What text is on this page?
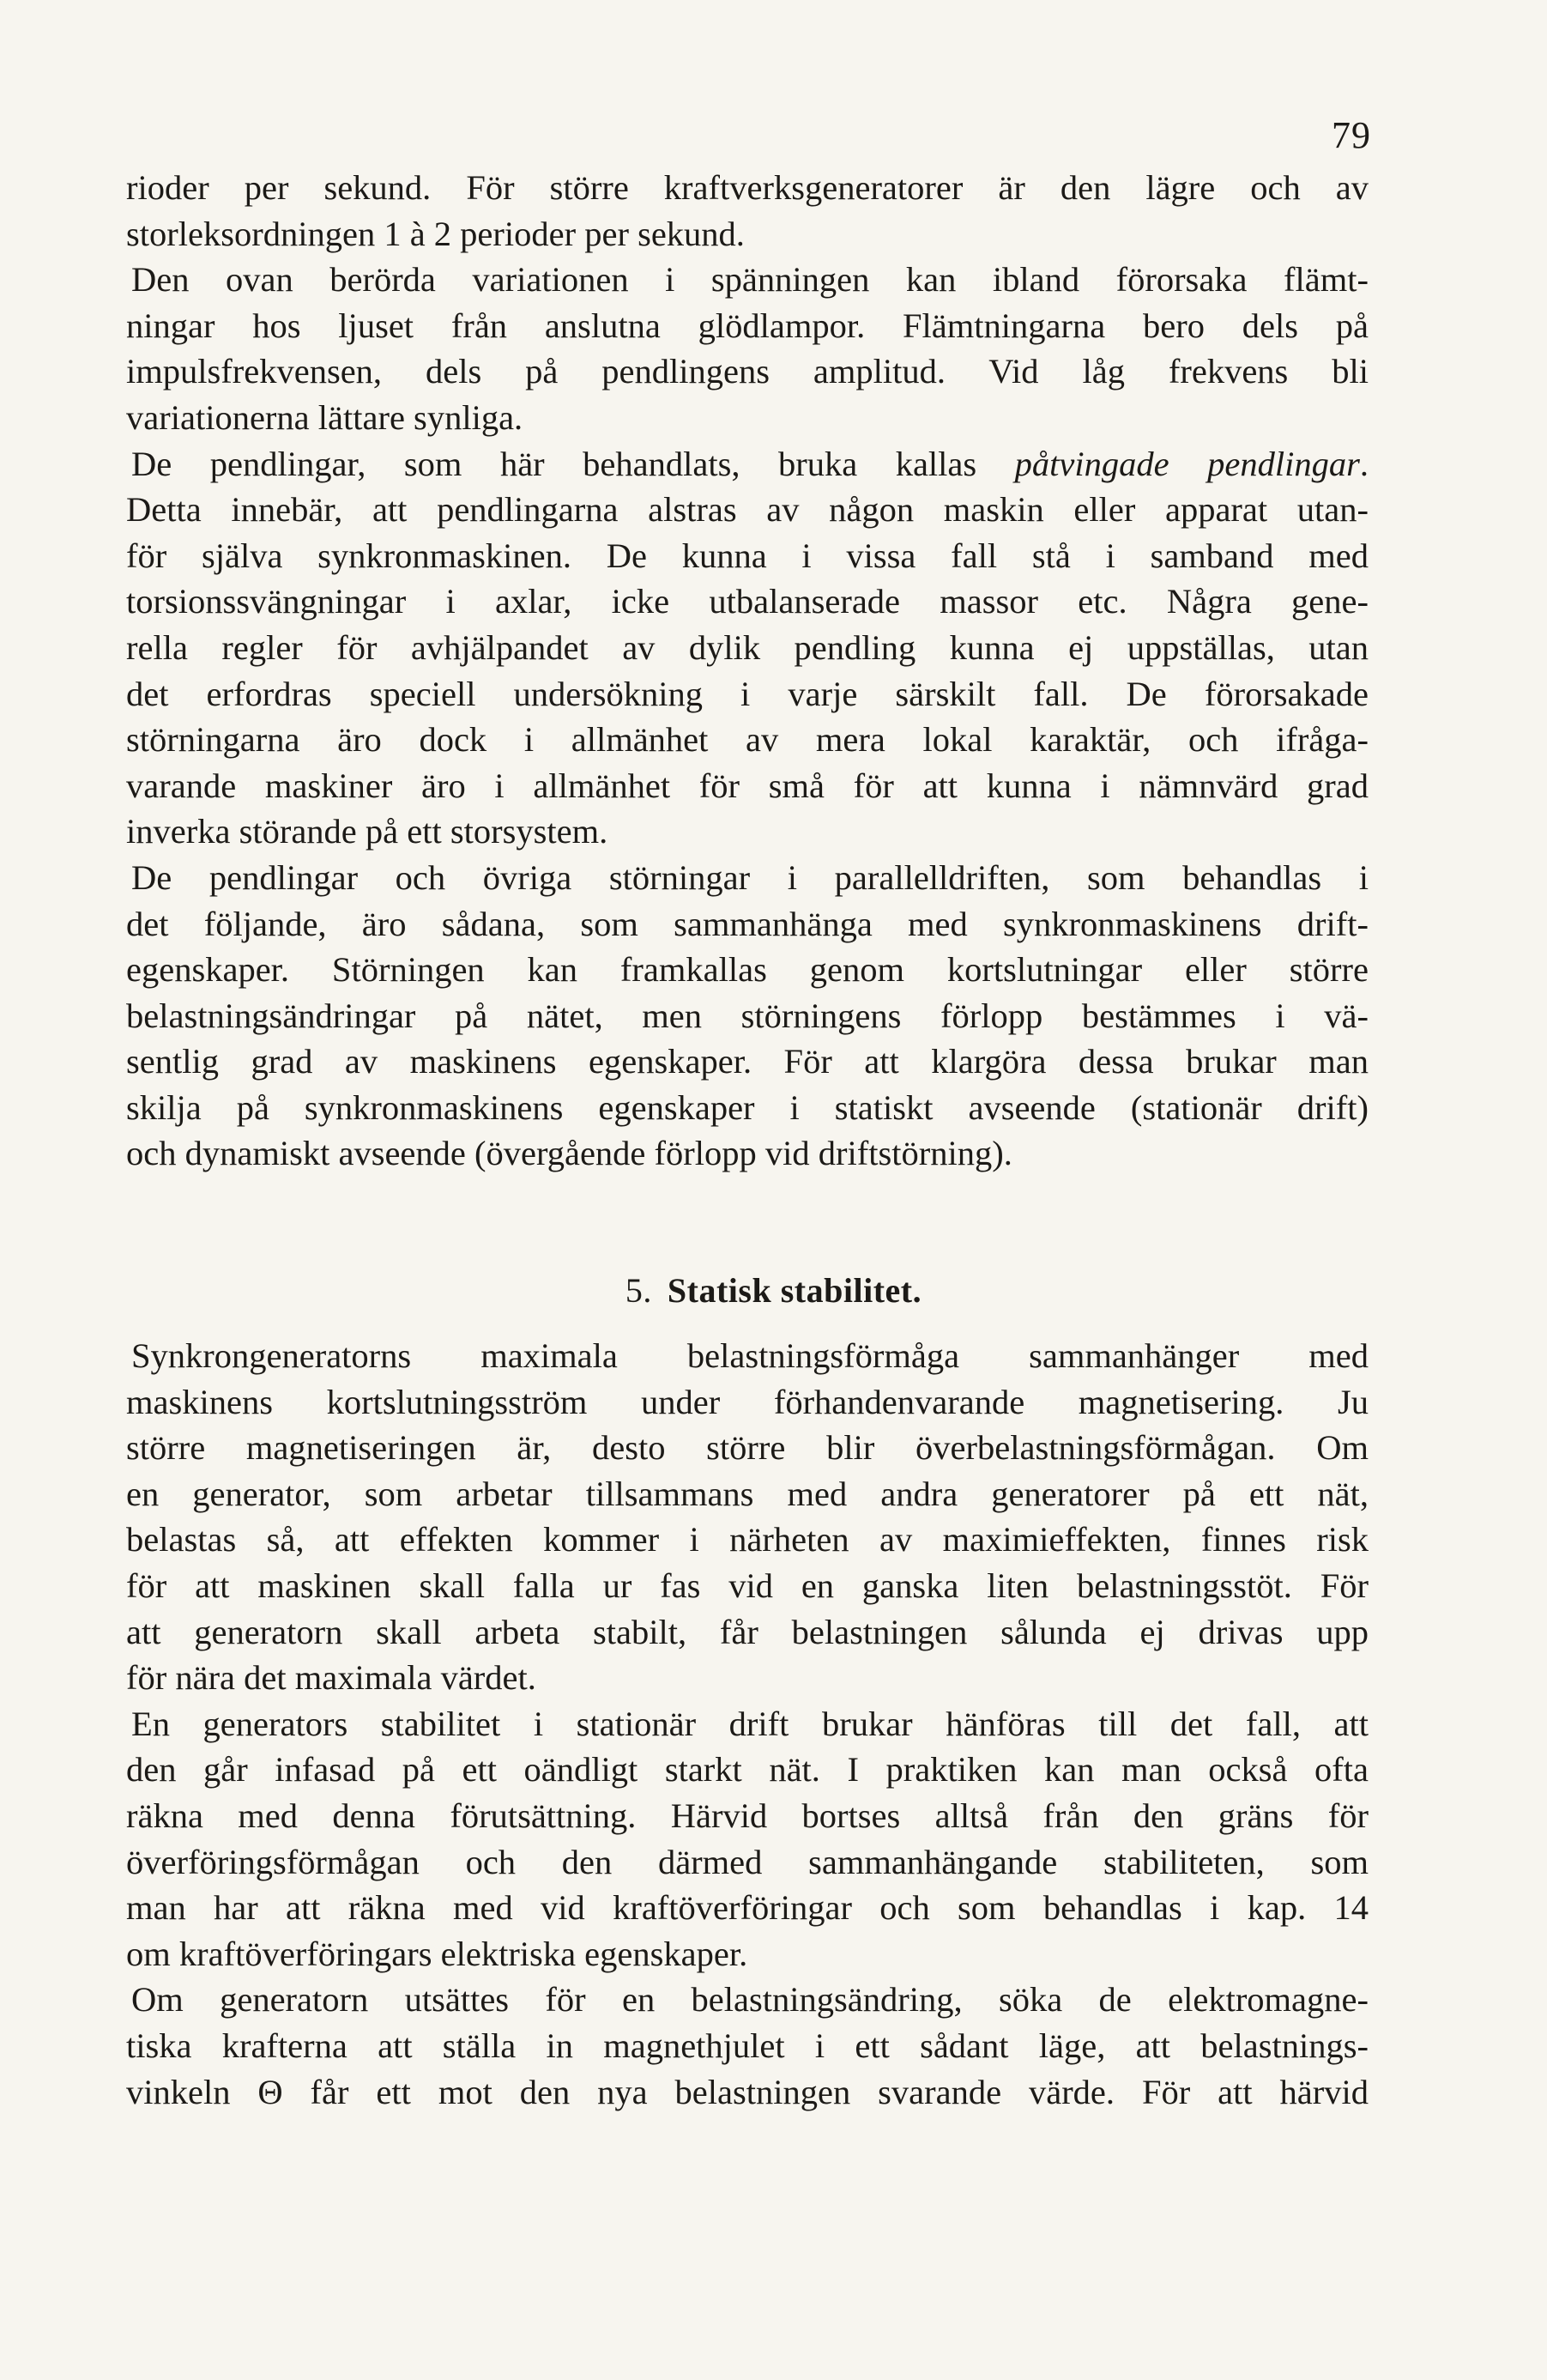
79

rioder per sekund. För större kraftverksgeneratorer är den lägre och av
storleksordningen 1 à 2 perioder per sekund.

Den ovan berörda variationen i spänningen kan ibland förorsaka flämt-
ningar hos ljuset från anslutna glödlampor. Flämtningarna bero dels på
impulsfrekvensen, dels på pendlingens amplitud. Vid låg frekvens bli
variationerna lättare synliga.

De pendlingar, som här behandlats, bruka kallas påtvingade pendlingar.
Detta innebär, att pendlingarna alstras av någon maskin eller apparat utan-
för själva synkronmaskinen. De kunna i vissa fall stå i samband med
torsionssvängningar i axlar, icke utbalanserade massor etc. Några gene-
rella regler för avhjälpandet av dylik pendling kunna ej uppställas, utan
det erfordras speciell undersökning i varje särskilt fall. De förorsakade
störningarna äro dock i allmänhet av mera lokal karaktär, och ifråga-
varande maskiner äro i allmänhet för små för att kunna i nämnvärd grad
inverka störande på ett storsystem.

De pendlingar och övriga störningar i parallelldriften, som behandlas i
det följande, äro sådana, som sammanhänga med synkronmaskinens drift-
egenskaper. Störningen kan framkallas genom kortslutningar eller större
belastningsändringar på nätet, men störningens förlopp bestämmes i vä-
sentlig grad av maskinens egenskaper. För att klargöra dessa brukar man
skilja på synkronmaskinens egenskaper i statiskt avseende (stationär drift)
och dynamiskt avseende (övergående förlopp vid driftstörning).

5. Statisk stabilitet.

Synkrongeneratorns maximala belastningsförmåga sammanhänger med
maskinens kortslutningsström under förhandenvarande magnetisering. Ju
större magnetiseringen är, desto större blir överbelastningsförmågan. Om
en generator, som arbetar tillsammans med andra generatorer på ett nät,
belastas så, att effekten kommer i närheten av maximieffekten, finnes risk
för att maskinen skall falla ur fas vid en ganska liten belastningsstöt. För
att generatorn skall arbeta stabilt, får belastningen sålunda ej drivas upp
för nära det maximala värdet.

En generators stabilitet i stationär drift brukar hänföras till det fall, att
den går infasad på ett oändligt starkt nät. I praktiken kan man också ofta
räkna med denna förutsättning. Härvid bortses alltså från den gräns för
överföringsförmågan och den därmed sammanhängande stabiliteten, som
man har att räkna med vid kraftöverföringar och som behandlas i kap. 14
om kraftöverföringars elektriska egenskaper.

Om generatorn utsättes för en belastningsändring, söka de elektromagne-
tiska krafterna att ställa in magnethjulet i ett sådant läge, att belastnings-
vinkeln Θ får ett mot den nya belastningen svarande värde. För att härvid
